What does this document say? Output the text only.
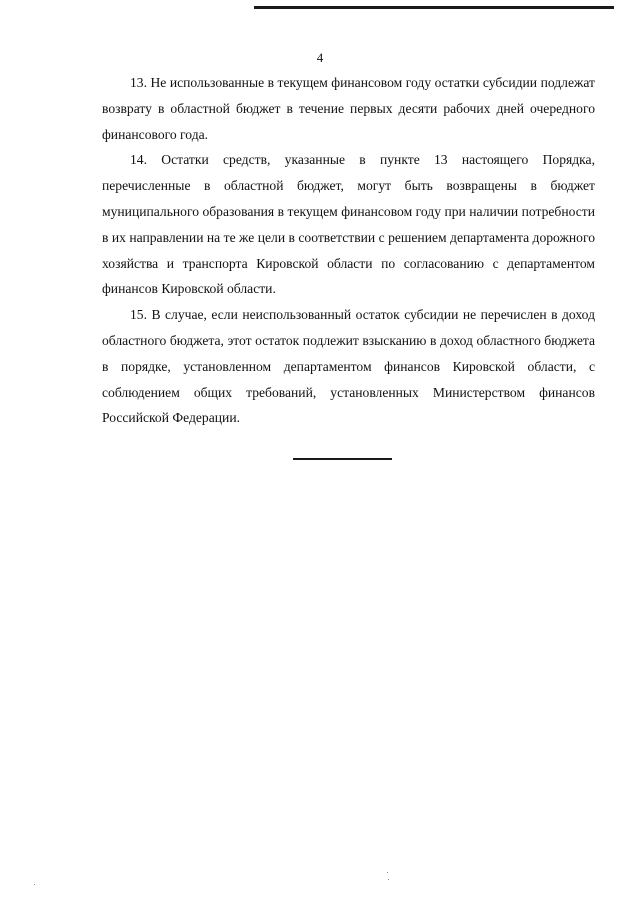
4

13. Не использованные в текущем финансовом году остатки субсидии подлежат возврату в областной бюджет в течение первых десяти рабочих дней очередного финансового года.

14. Остатки средств, указанные в пункте 13 настоящего Порядка, перечисленные в областной бюджет, могут быть возвращены в бюджет муниципального образования в текущем финансовом году при наличии потребности в их направлении на те же цели в соответствии с решением департамента дорожного хозяйства и транспорта Кировской области по согласованию с департаментом финансов Кировской области.

15. В случае, если неиспользованный остаток субсидии не перечислен в доход областного бюджета, этот остаток подлежит взысканию в доход областного бюджета в порядке, установленном департаментом финансов Кировской области, с соблюдением общих требований, установленных Министерством финансов Российской Федерации.
